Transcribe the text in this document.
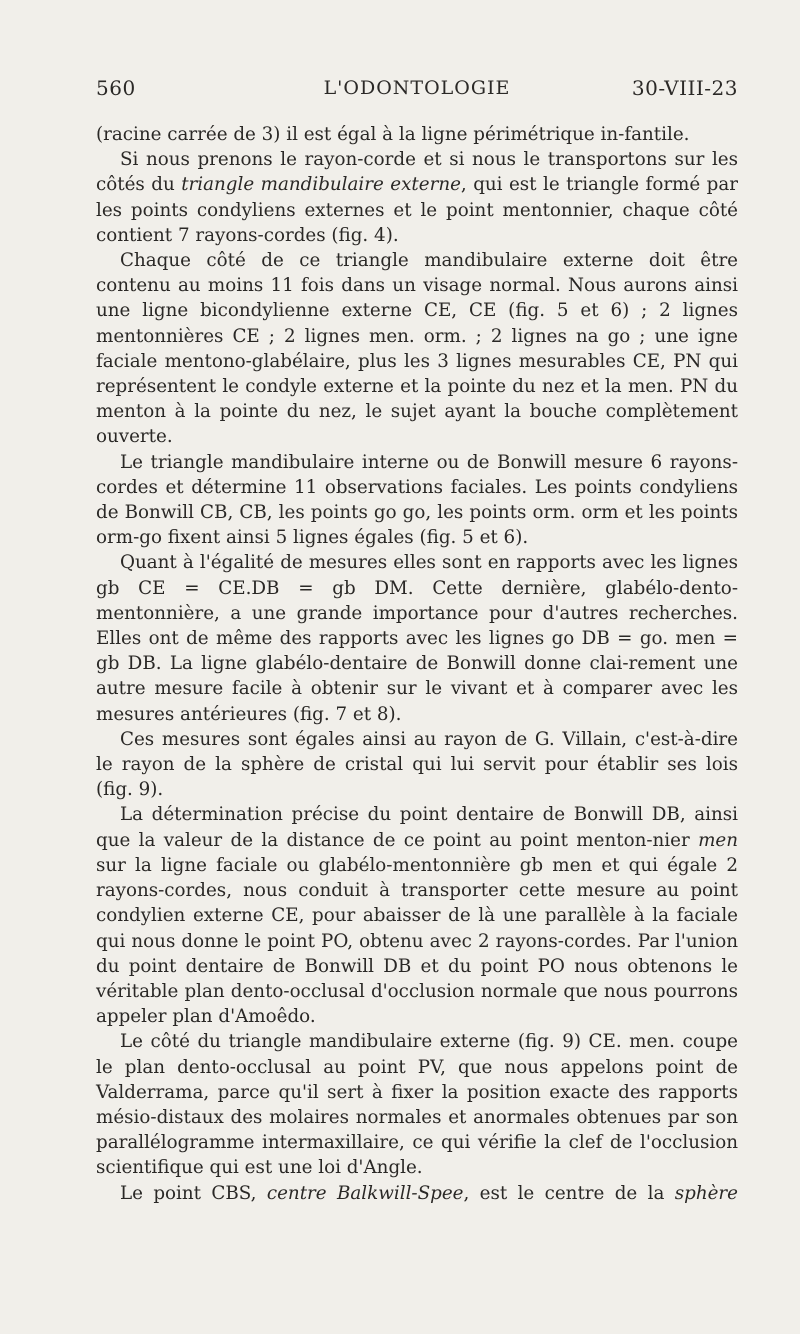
560	L'ODONTOLOGIE	30-VIII-23

(racine carrée de 3) il est égal à la ligne périmétrique in-fantile.

Si nous prenons le rayon-corde et si nous le transportons sur les côtés du triangle mandibulaire externe, qui est le triangle formé par les points condyliens externes et le point mentonnier, chaque côté contient 7 rayons-cordes (fig. 4).

Chaque côté de ce triangle mandibulaire externe doit être contenu au moins 11 fois dans un visage normal. Nous aurons ainsi une ligne bicondylienne externe CE, CE (fig. 5 et 6) ; 2 lignes mentonnières CE ; 2 lignes men. orm. ; 2 lignes na go ; une igne faciale mentono-glabélaire, plus les 3 lignes mesurables CE, PN qui représentent le condyle externe et la pointe du nez et la men. PN du menton à la pointe du nez, le sujet ayant la bouche complètement ouverte.

Le triangle mandibulaire interne ou de Bonwill mesure 6 rayons-cordes et détermine 11 observations faciales. Les points condyliens de Bonwill CB, CB, les points go go, les points orm. orm et les points orm-go fixent ainsi 5 lignes égales (fig. 5 et 6).

Quant à l'égalité de mesures elles sont en rapports avec les lignes gb CE = CE.DB = gb DM. Cette dernière, glabélo-dento-mentonnière, a une grande importance pour d'autres recherches. Elles ont de même des rapports avec les lignes go DB = go. men = gb DB. La ligne glabélo-dentaire de Bonwill donne clai-rement une autre mesure facile à obtenir sur le vivant et à comparer avec les mesures antérieures (fig. 7 et 8).

Ces mesures sont égales ainsi au rayon de G. Villain, c'est-à-dire le rayon de la sphère de cristal qui lui servit pour établir ses lois (fig. 9).

La détermination précise du point dentaire de Bonwill DB, ainsi que la valeur de la distance de ce point au point menton-nier men sur la ligne faciale ou glabélo-mentonnière gb men et qui égale 2 rayons-cordes, nous conduit à transporter cette mesure au point condylien externe CE, pour abaisser de là une parallèle à la faciale qui nous donne le point PO, obtenu avec 2 rayons-cordes. Par l'union du point dentaire de Bonwill DB et du point PO nous obtenons le véritable plan dento-occlusal d'occlusion normale que nous pourrons appeler plan d'Amoêdo.

Le côté du triangle mandibulaire externe (fig. 9) CE. men. coupe le plan dento-occlusal au point PV, que nous appelons point de Valderrama, parce qu'il sert à fixer la position exacte des rapports mésio-distaux des molaires normales et anormales obtenues par son parallélogramme intermaxillaire, ce qui vérifie la clef de l'occlusion scientifique qui est une loi d'Angle.

Le point CBS, centre Balkwill-Spee, est le centre de la sphère
